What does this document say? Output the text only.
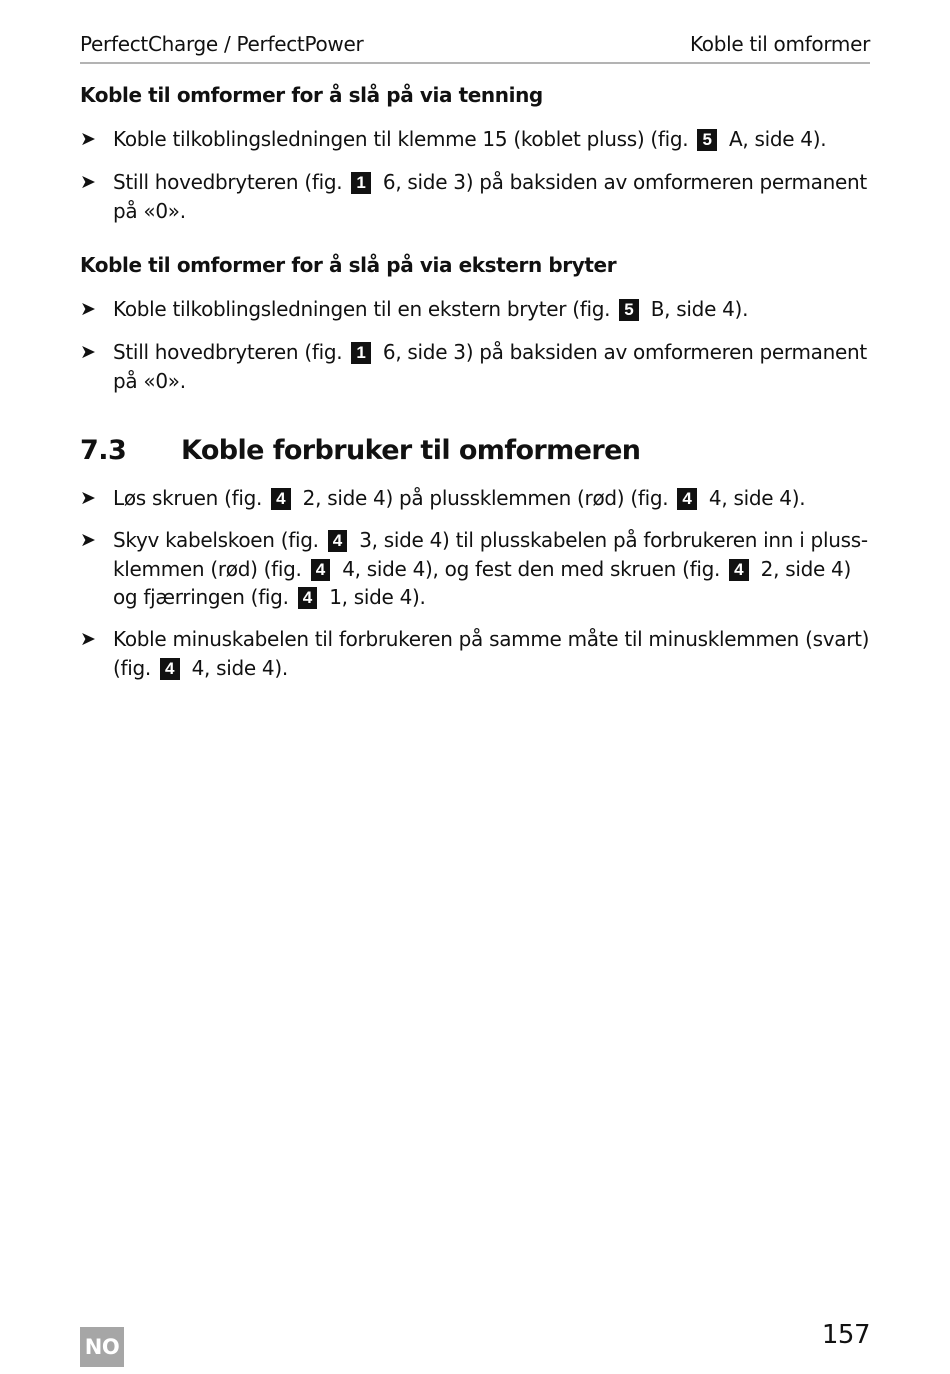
PerfectCharge / PerfectPower	Koble til omformer
Koble til omformer for å slå på via tenning
➤ Koble tilkoblingsledningen til klemme 15 (koblet pluss) (fig. 5 A, side 4).
➤ Still hovedbryteren (fig. 1 6, side 3) på baksiden av omformeren permanent på «0».
Koble til omformer for å slå på via ekstern bryter
➤ Koble tilkoblingsledningen til en ekstern bryter (fig. 5 B, side 4).
➤ Still hovedbryteren (fig. 1 6, side 3) på baksiden av omformeren permanent på «0».
7.3 Koble forbruker til omformeren
➤ Løs skruen (fig. 4 2, side 4) på plussklemmen (rød) (fig. 4 4, side 4).
➤ Skyv kabelskoen (fig. 4 3, side 4) til plusskabelen på forbrukeren inn i pluss-klemmen (rød) (fig. 4 4, side 4), og fest den med skruen (fig. 4 2, side 4) og fjærringen (fig. 4 1, side 4).
➤ Koble minuskabelen til forbrukeren på samme måte til minusklemmen (svart) (fig. 4 4, side 4).
NO	157
